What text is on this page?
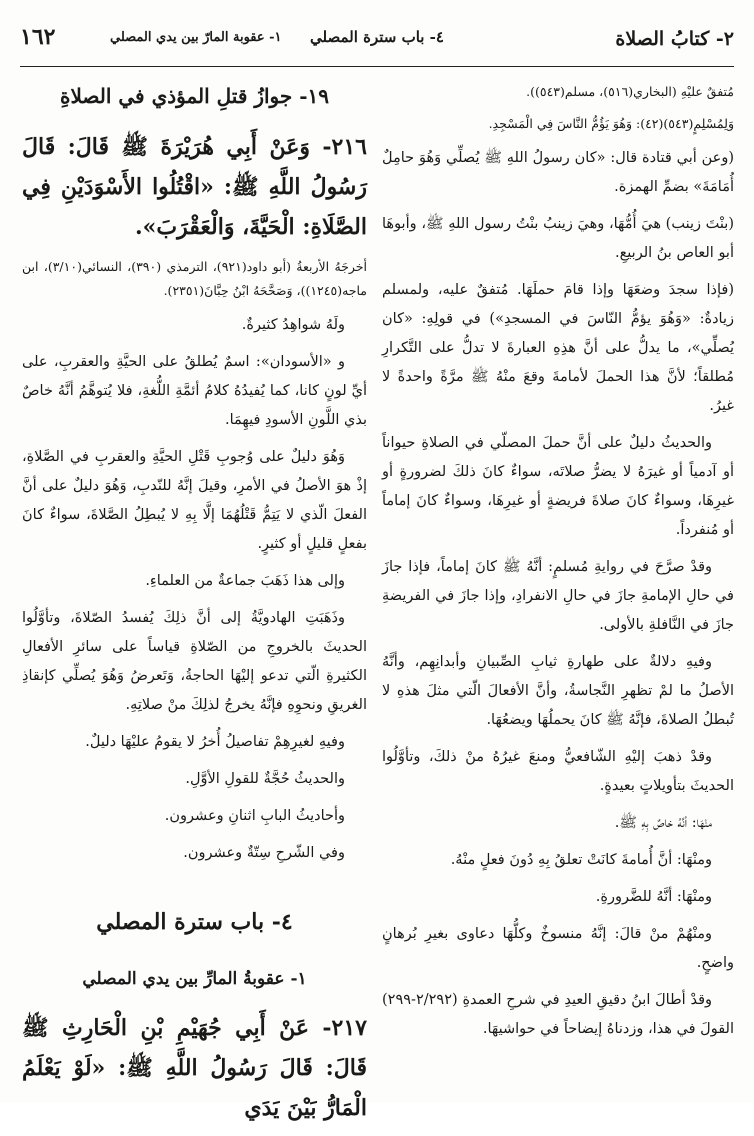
٢- كتابُ الصلاة
٤- باب سترة المصلي
١- عقوبة المارّ بين يدي المصلي
١٦٢

مُتفقٌ عليْهِ (البخاري(٥١٦)، مسلم(٥٤٣)).

وَلِمُسْلِمٍ(٥٤٣)(٤٢): وَهُوَ يَؤُمُّ النَّاسَ فِي الْمَسْجِدِ.

(وعن أبي قتادة قال: «كان رسولُ اللهِ ﷺ يُصلِّي وَهُوَ حامِلٌ أُمَامَةَ» بضمِّ الهمزة.

(بنْتَ زينب) هيَ أُمُّهَا، وهيَ زينبُ بنْتُ رسول اللهِ ﷺ، وأبوهَا أبو العاص بنُ الربيعِ.

(فإذا سجدَ وضعَهَا وإذا قامَ حملَهَا. مُتفقٌ عليه، ولمسلم زيادةٌ: «وَهُوَ يؤمُّ النّاسَ في المسجدِ») في قولِهِ: «كان يُصلِّي»، ما يدلُّ على أنَّ هذِهِ العبارةَ لا تدلُّ على التَّكرارِ مُطلقاً؛ لأنَّ هذا الحملَ لأمامةَ وقعَ منْهُ ﷺ مرَّةً واحدةً لا غيرُ.

والحديثُ دليلٌ على أنَّ حملَ المصلّي في الصلاةِ حيواناً أو آدمياً أو غيرَهُ لا يضرُّ صلاتَه، سواءٌ كانَ ذلكَ لضرورةٍ أو غيرِهَا، وسواءٌ كانَ صلاةَ فريضةٍ أو غيرِهَا، وسواءٌ كانَ إماماً أو مُنفرداً.

وقدْ صرَّحَ في روايةِ مُسلمٍ: أنَّهُ ﷺ كانَ إماماً، فإذا جازَ في حالِ الإمامةِ جازَ في حالِ الانفرادِ، وإذا جازَ في الفريضةِ جازَ في النَّافلةِ بالأولى.

وفيهِ دلالةٌ على طهارةِ ثيابِ الصِّبيانِ وأبدانِهِم، وأنَّهُ الأصلُ ما لمْ تظهرِ النَّجاسةُ، وأنَّ الأفعالَ الّتي مثلَ هذهِ لا تُبطلُ الصلاةَ، فإنَّهُ ﷺ كانَ يحملُهَا ويضعُهَا.

وقدْ ذهبَ إليْهِ الشّافعيُّ ومنعَ غيرُهُ منْ ذلكَ، وتأوَّلُوا الحديثَ بتأويلاتٍ بعيدةٍ.

منْهَا: أنَّهُ خاصٌ بِهِ ﷺ.

ومنْهَا: أنَّ أُمامةَ كانَتْ تعلقُ بِهِ دُونَ فعلٍ منْهُ.

ومنْهَا: أنَّهُ للضَّرورةِ.

ومنْهُمْ منْ قالَ: إنَّهُ منسوخٌ وكلُّهَا دعاوى بغيرِ بُرهانٍ واضحٍ.

وقدْ أطالَ ابنُ دقيقِ العيدِ في شرحِ العمدةِ (٢/٢٩٢-٢٩٩) القولَ في هذا، وزدناهُ إيضاحاً في حواشيهَا.

١٩- جوازُ قتلِ المؤذي في الصلاةِ

٢١٦- وَعَنْ أَبِي هُرَيْرَةَ ﷺ قَالَ: قَالَ رَسُولُ اللَّهِ ﷺ: «اقْتُلُوا الأَسْوَدَيْنِ فِي الصَّلَاةِ: الْحَيَّةَ، وَالْعَقْرَبَ».

أخرجَهُ الأربعةُ (أبو داود(٩٢١)، الترمذي (٣٩٠)، النسائي(٣/١٠)، ابن ماجه(١٢٤٥))، وَصَحَّحَهُ ابْنُ حِبَّانَ(٢٣٥١).

ولَهُ شواهِدُ كثيرةٌ.

و «الأسودان»: اسمٌ يُطلقُ على الحيَّةِ والعقربِ، على أيِّ لونٍ كانا، كما يُفيدُهُ كلامُ أئمَّةِ اللُّغةِ، فلا يُتوهَّمُ أنَّهُ خاصٌ بذي اللَّونِ الأسودِ فيهِمَا.

وَهُوَ دليلٌ على وُجوبِ قَتْلِ الحيَّةِ والعقربِ في الصَّلاةِ، إذْ هوَ الأصلُ في الأمرِ، وقيلَ إنَّهُ للنّدبِ، وَهُوَ دليلٌ على أنَّ الفعلَ الّذي لا يَتِمُّ قَتْلُهُمَا إلَّا بِهِ لا يُبطِلُ الصَّلاةَ، سواءٌ كانَ بفعلٍ قليلٍ أو كثيرٍ.

وإلى هذا ذَهَبَ جماعةٌ من العلماءِ.

وذَهَبَتِ الهادويَّةُ إلى أنَّ ذلِكَ يُفسدُ الصّلاةَ، وتأوَّلُوا الحديثَ بالخروجِ من الصّلاةِ قياساً على سائرِ الأفعالِ الكثيرةِ الّتي تدعو إليْهَا الحاجةُ، وَتَعرضُ وَهُوَ يُصلِّي كإنقاذِ الغريقِ ونحوِهِ فإنَّهُ يخرجُ لذلِكَ منْ صلاتِهِ.

وفيهِ لغيرِهِمْ تفاصيلُ أُخرُ لا يقومُ عليْهَا دليلٌ.

والحديثُ حُجَّةٌ للقولِ الأوَّلِ.

وأحاديثُ البابِ اثنانِ وعشرون.

وفي الشّرحِ سِتّةٌ وعشرون.

٤- باب سترة المصلي
١- عقوبةُ المارِّ بين يدي المصلي

٢١٧- عَنْ أَبِي جُهَيْمِ بْنِ الْحَارِثِ ﷺ قَالَ: قَالَ رَسُولُ اللَّهِ ﷺ: «لَوْ يَعْلَمُ الْمَارُّ بَيْنَ يَدَي
